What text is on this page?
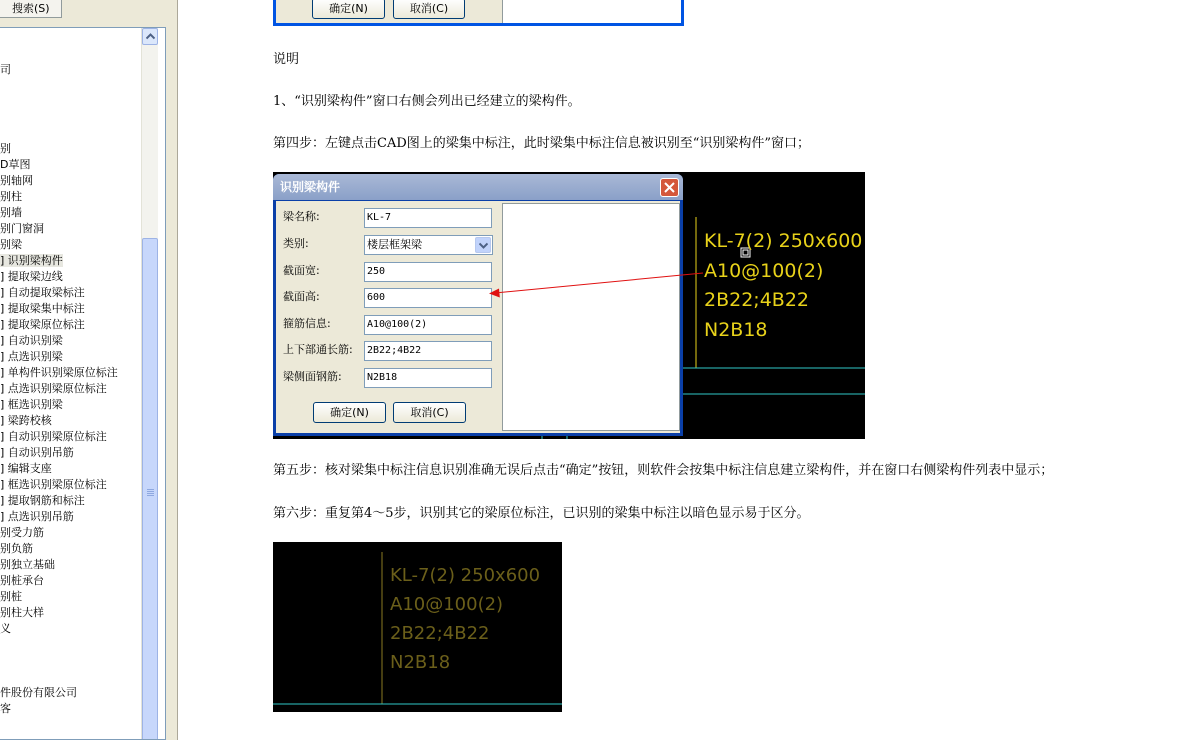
搜索(S)
司
别
D草图
别轴网
别柱
别墙
别门窗洞
别梁
] 识别梁构件
] 提取梁边线
] 自动提取梁标注
] 提取梁集中标注
] 提取梁原位标注
] 自动识别梁
] 点选识别梁
] 单构件识别梁原位标注
] 点选识别梁原位标注
] 框选识别梁
] 梁跨校核
] 自动识别梁原位标注
] 自动识别吊筋
] 编辑支座
] 框选识别梁原位标注
] 提取钢筋和标注
] 点选识别吊筋
别受力筋
别负筋
别独立基础
别桩承台
别桩
别柱大样
义
件股份有限公司
客
确定(N)	取消(C)
说明
1、“识别梁构件”窗口右侧会列出已经建立的梁构件。
第四步：左键点击CAD图上的梁集中标注，此时梁集中标注信息被识别至“识别梁构件”窗口；
KL-7(2) 250x600
A10@100(2)
2B22;4B22
N2B18
识别梁构件
梁名称:	KL-7
类别:	楼层框架梁
截面宽:	250
截面高:	600
箍筋信息:	A10@100(2)
上下部通长筋:	2B22;4B22
梁侧面钢筋:	N2B18
确定(N)	取消(C)
第五步：核对梁集中标注信息识别准确无误后点击“确定”按钮，则软件会按集中标注信息建立梁构件，并在窗口右侧梁构件列表中显示；
第六步：重复第4～5步，识别其它的梁原位标注，已识别的梁集中标注以暗色显示易于区分。
KL-7(2) 250x600
A10@100(2)
2B22;4B22
N2B18
